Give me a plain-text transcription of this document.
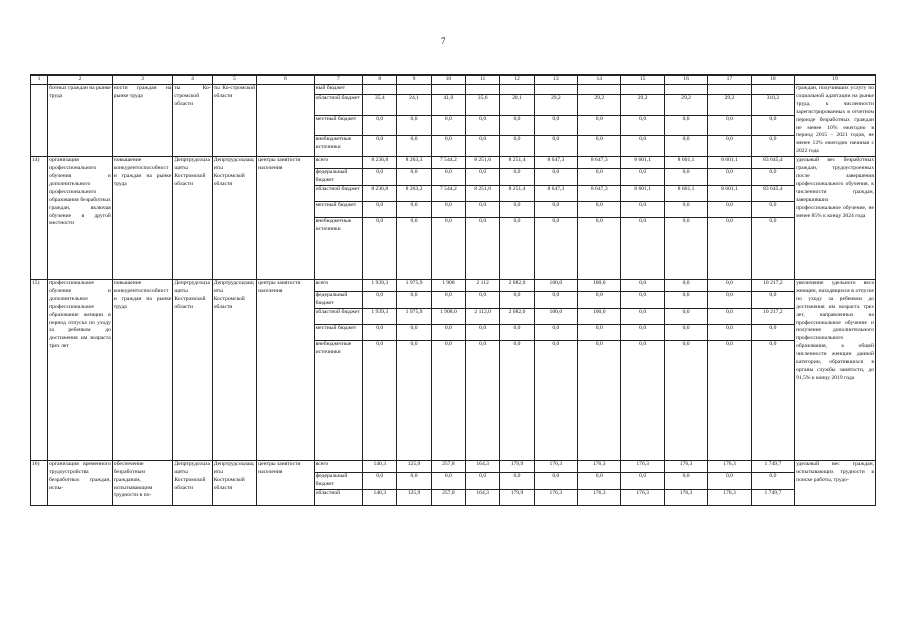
7
1	2	3	4	5	6	7	8	9	10	11	12	13	14	15	16	17	18	19
	ботных граждан на рынке труда	ности граждан на рынке труда	ты Ко-стромской области	ты Ко-стромской области		ный бюджет												граждан, получивших услугу по социальной адаптации на рынке труда, к численности зарегистрированных в отчетном периоде безработных граждан не менее 10% ежегодно в период 2015 – 2021 годов, не менее 12% ежегодно начиная с 2022 года
						областной бюджет	35,4	24,1	41,0	35,6	28,1	29,2	29,2	29,2	29,2	29,2	310,2	
						местный бюджет	0,0	0,0	0,0	0,0	0,0	0,0	0,0	0,0	0,0	0,0	0,0	
						внебюджетные источники	0,0	0,0	0,0	0,0	0,0	0,0	0,0	0,0	0,0	0,0	0,0	
14)	организация профессионального обучения и дополнительного профессионального образования безработных граждан, включая обучение в другой местности	повышение конкурентоспособности граждан на рынке труда	Депртрудсоцзащиты Костромской области	Депртрудсоцзащиты Костромской области	центры занятости населения	всего	8 236,8	8 263,3	7 544,2	8 251,6	8 251,4	8 647,3	8 647,3	8 601,1	8 601,1	8 601,1	83 645,4	удельный вес безработных граждан, трудоустроенных после завершения профессионального обучения, к численности граждан, завершивших профессиональное обучение, не менее 85% к концу 2024 года
						федеральный бюджет	0,0	0,0	0,0	0,0	0,0	0,0	0,0	0,0	0,0	0,0	0,0	
						областной бюджет	8 236,8	8 263,3	7 544,2	8 251,6	8 251,4	8 647,3	8 647,3	8 601,1	8 601,1	8 601,1	83 645,4	
						местный бюджет	0,0	0,0	0,0	0,0	0,0	0,0	0,0	0,0	0,0	0,0	0,0	
						внебюджетные источники	0,0	0,0	0,0	0,0	0,0	0,0	0,0	0,0	0,0	0,0	0,0	
15)	профессиональное обучение и дополнительное профессиональное образование женщин в период отпуска по уходу за ребенком до достижения им возраста трех лет	повышение конкурентоспособности граждан на рынке труда	Депртрудсоцзащиты Костромской области	Депртрудсоцзащиты Костромской области	центры занятости населения	всего	1 939,3	1 975,9	1 908	2 112	2 082,0	100,0	100,0	0,0	0,0	0,0	10 217,2	увеличение удельного веса женщин, находящихся в отпуске по уходу за ребенком до достижения им возраста трех лет, направленных на профессиональное обучение и получение дополнительного профессионального образования, к общей численности женщин данной категории, обратившихся в органы службы занятости, до 91,5% к концу 2019 года
						федеральный бюджет	0,0	0,0	0,0	0,0	0,0	0,0	0,0	0,0	0,0	0,0	0,0	
						областной бюджет	1 939,3	1 975,9	1 908,0	2 112,0	2 082,0	100,0	100,0	0,0	0,0	0,0	10 217,2	
						местный бюджет	0,0	0,0	0,0	0,0	0,0	0,0	0,0	0,0	0,0	0,0	0,0	
						внебюджетные источники	0,0	0,0	0,0	0,0	0,0	0,0	0,0	0,0	0,0	0,0	0,0	
16)	организация временного трудоустройства безработных граждан, испы-	обеспечение безработным гражданам, испытывающим трудности в по-	Депртрудсоцзащиты Костромской области	Депртрудсоцзащиты Костромской области	центры занятости населения	всего	140,3	125,9	257,8	164,3	179,9	176,3	176,3	176,3	176,3	176,3	1 749,7	удельный вес граждан, испытывающих трудности в поиске работы, трудо-
						федеральный бюджет	0,0	0,0	0,0	0,0	0,0	0,0	0,0	0,0	0,0	0,0	0,0	
						областной	140,3	125,9	257,8	164,3	179,9	176,3	176,3	176,3	176,3	176,3	1 749,7	
